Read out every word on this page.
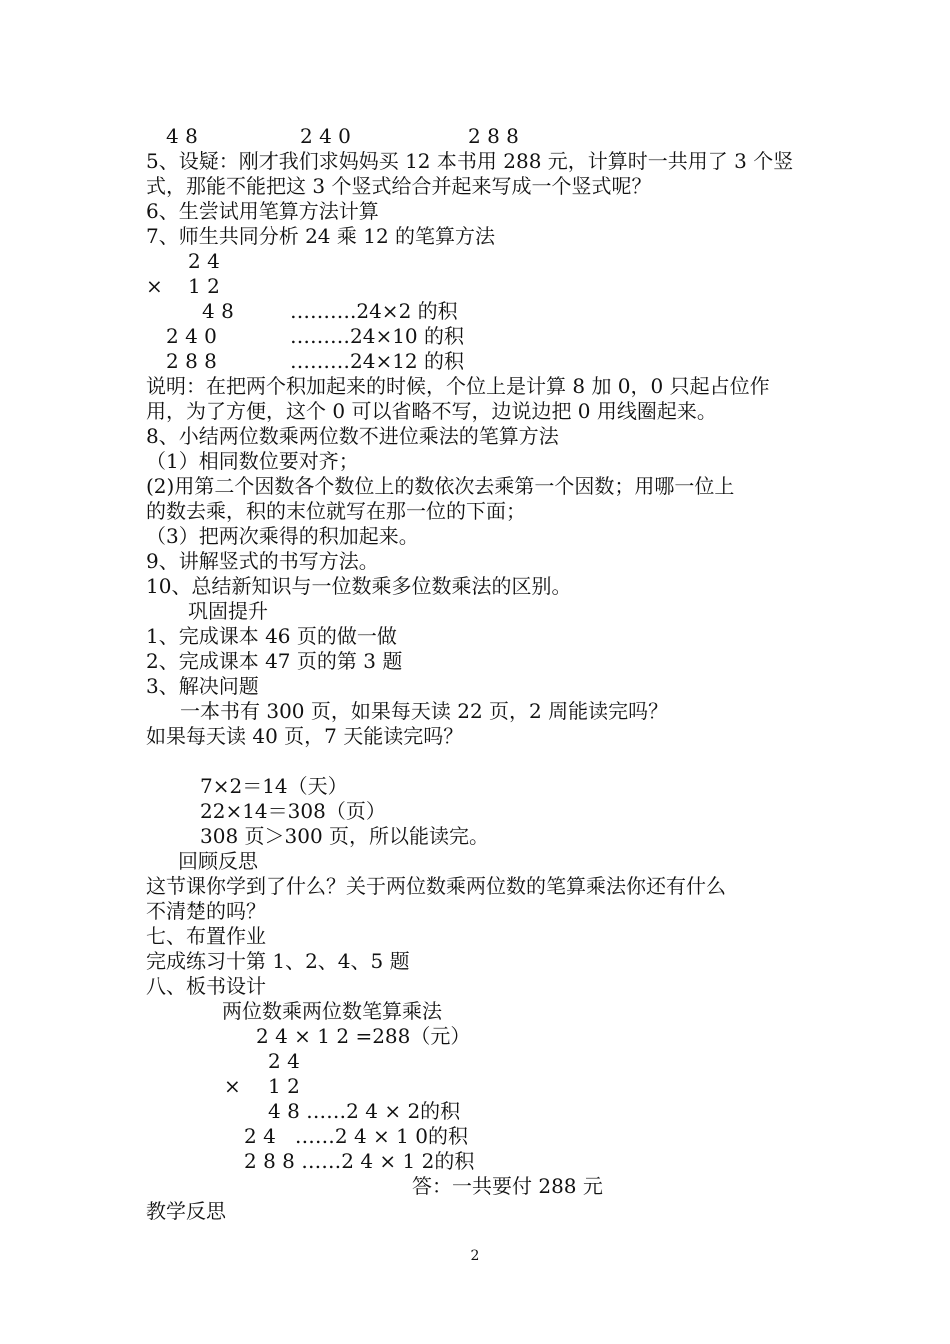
4 8	2 4 0	2 8 8
5、设疑：刚才我们求妈妈买 12 本书用 288 元，计算时一共用了 3 个竖
式，那能不能把这 3 个竖式给合并起来写成一个竖式呢？
6、生尝试用笔算方法计算
7、师生共同分析 24 乘 12 的笔算方法
2 4
× 1 2
4 8	……….24×2 的积
2 4 0	………24×10 的积
2 8 8	………24×12 的积
说明：在把两个积加起来的时候，个位上是计算 8 加 0，0 只起占位作
用，为了方便，这个 0 可以省略不写，边说边把 0 用线圈起来。
8、小结两位数乘两位数不进位乘法的笔算方法
（1）相同数位要对齐；
(2)用第二个因数各个数位上的数依次去乘第一个因数；用哪一位上
的数去乘，积的末位就写在那一位的下面；
（3）把两次乘得的积加起来。
9、讲解竖式的书写方法。
10、总结新知识与一位数乘多位数乘法的区别。
巩固提升
1、完成课本 46 页的做一做
2、完成课本 47 页的第 3 题
3、解决问题
一本书有 300 页，如果每天读 22 页，2 周能读完吗？
如果每天读 40 页，7 天能读完吗？
7×2＝14（天）
22×14＝308（页）
308 页＞300 页，所以能读完。
回顾反思
这节课你学到了什么？关于两位数乘两位数的笔算乘法你还有什么
不清楚的吗？
七、布置作业
完成练习十第 1、2、4、5 题
八、板书设计
两位数乘两位数笔算乘法
2 4 × 1 2 =288（元）
2 4
× 1 2
4 8 ……2 4 × 2的积
2 4   ……2 4 × 1 0的积
2 8 8 ……2 4 × 1 2的积
答：一共要付 288 元
教学反思
2
